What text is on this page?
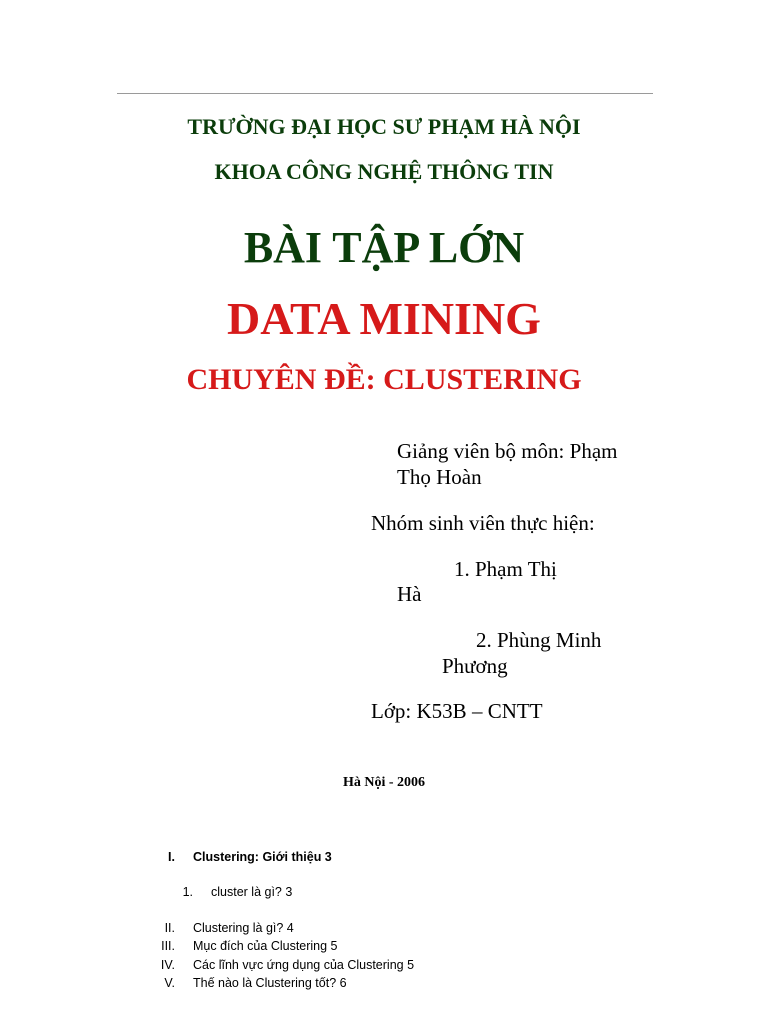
TRƯỜNG ĐẠI HỌC SƯ PHẠM HÀ NỘI
KHOA CÔNG NGHỆ THÔNG TIN
BÀI TẬP LỚN
DATA MINING
CHUYÊN ĐỀ: CLUSTERING
Giảng viên bộ môn: Phạm
Thọ Hoàn
Nhóm sinh viên thực hiện:
1. Phạm Thị
Hà
2. Phùng Minh
Phương
Lớp: K53B – CNTT
Hà Nội - 2006
I. Clustering: Giới thiệu 3
1. cluster là gì? 3
II. Clustering là gì? 4
III. Mục đích của Clustering 5
IV. Các lĩnh vực ứng dụng của Clustering 5
V. Thế nào là Clustering tốt? 6
